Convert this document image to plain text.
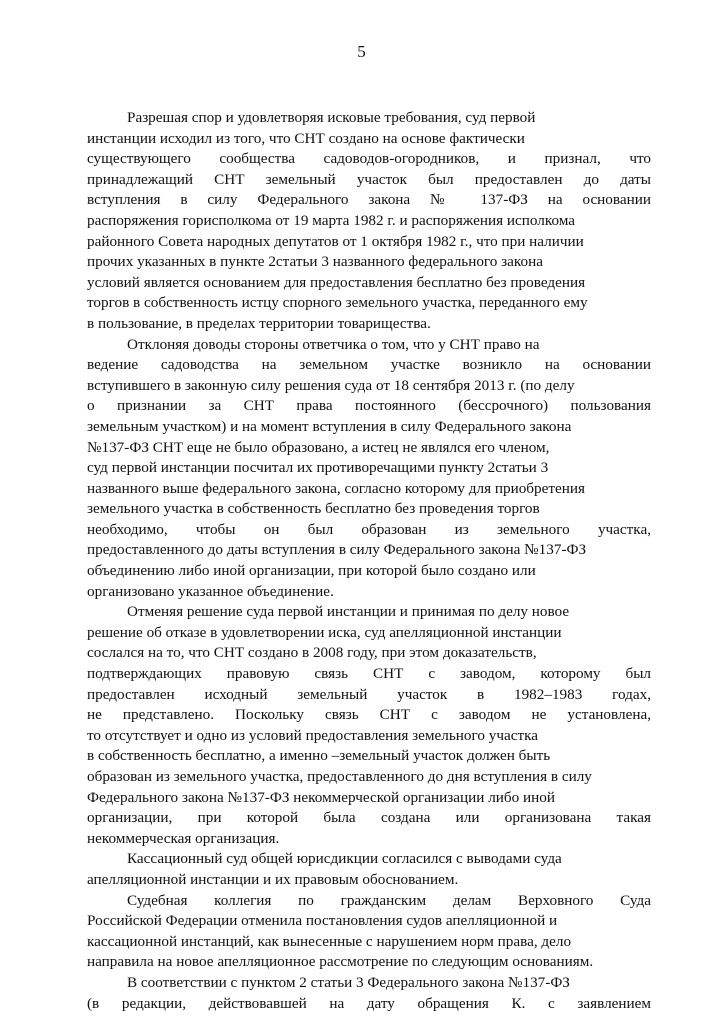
5
Разрешая спор и удовлетворяя исковые требования, суд первой
инстанции исходил из того, что СНТ создано на основе фактически
существующего сообщества садоводов-огородников, и признал, что
принадлежащий СНТ земельный участок был предоставлен до даты
вступления в силу Федерального закона № 137-ФЗ на основании
распоряжения горисполкома от 19 марта 1982 г. и распоряжения исполкома
районного Совета народных депутатов от 1 октября 1982 г., что при наличии
прочих указанных в пункте 2статьи 3 названного федерального закона
условий является основанием для предоставления бесплатно без проведения
торгов в собственность истцу спорного земельного участка, переданного ему
в пользование, в пределах территории товарищества.
Отклоняя доводы стороны ответчика о том, что у СНТ право на
ведение садоводства на земельном участке возникло на основании
вступившего в законную силу решения суда от 18 сентября 2013 г. (по делу
о признании за СНТ права постоянного (бессрочного) пользования
земельным участком) и на момент вступления в силу Федерального закона
№137-ФЗ СНТ еще не было образовано, а истец не являлся его членом,
суд первой инстанции посчитал их противоречащими пункту 2статьи 3
названного выше федерального закона, согласно которому для приобретения
земельного участка в собственность бесплатно без проведения торгов
необходимо, чтобы он был образован из земельного участка,
предоставленного до даты вступления в силу Федерального закона №137-ФЗ
объединению либо иной организации, при которой было создано или
организовано указанное объединение.
Отменяя решение суда первой инстанции и принимая по делу новое
решение об отказе в удовлетворении иска, суд апелляционной инстанции
сослался на то, что СНТ создано в 2008 году, при этом доказательств,
подтверждающих правовую связь СНТ с заводом, которому был
предоставлен исходный земельный участок в 1982–1983 годах,
не представлено. Поскольку связь СНТ с заводом не установлена,
то отсутствует и одно из условий предоставления земельного участка
в собственность бесплатно, а именно –земельный участок должен быть
образован из земельного участка, предоставленного до дня вступления в силу
Федерального закона №137-ФЗ некоммерческой организации либо иной
организации, при которой была создана или организована такая
некоммерческая организация.
Кассационный суд общей юрисдикции согласился с выводами суда
апелляционной инстанции и их правовым обоснованием.
Судебная коллегия по гражданским делам Верховного Суда
Российской Федерации отменила постановления судов апелляционной и
кассационной инстанций, как вынесенные с нарушением норм права, дело
направила на новое апелляционное рассмотрение по следующим основаниям.
В соответствии с пунктом 2 статьи 3 Федерального закона №137-ФЗ
(в редакции, действовавшей на дату обращения К. с заявлением
